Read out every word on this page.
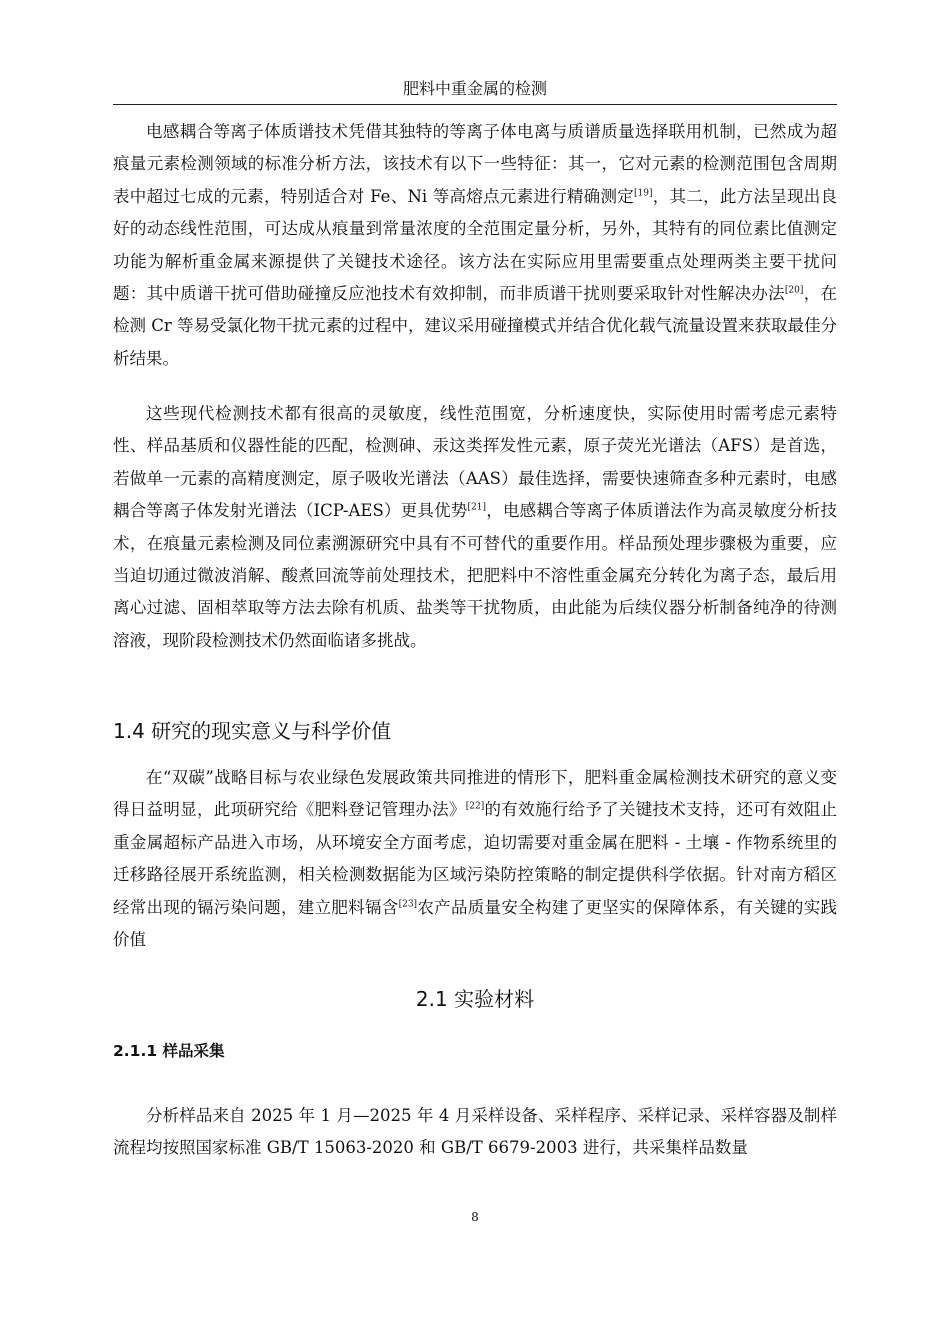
肥料中重金属的检测

电感耦合等离子体质谱技术凭借其独特的等离子体电离与质谱质量选择联用机制，已然成为超痕量元素检测领域的标准分析方法，该技术有以下一些特征：其一，它对元素的检测范围包含周期表中超过七成的元素，特别适合对 Fe、Ni 等高熔点元素进行精确测定[19]，其二，此方法呈现出良好的动态线性范围，可达成从痕量到常量浓度的全范围定量分析，另外，其特有的同位素比值测定功能为解析重金属来源提供了关键技术途径。该方法在实际应用里需要重点处理两类主要干扰问题：其中质谱干扰可借助碰撞反应池技术有效抑制，而非质谱干扰则要采取针对性解决办法[20]，在检测 Cr 等易受氯化物干扰元素的过程中，建议采用碰撞模式并结合优化载气流量设置来获取最佳分析结果。

这些现代检测技术都有很高的灵敏度，线性范围宽，分析速度快，实际使用时需考虑元素特性、样品基质和仪器性能的匹配，检测砷、汞这类挥发性元素，原子荧光光谱法（AFS）是首选，若做单一元素的高精度测定，原子吸收光谱法（AAS）最佳选择，需要快速筛查多种元素时，电感耦合等离子体发射光谱法（ICP-AES）更具优势[21]，电感耦合等离子体质谱法作为高灵敏度分析技术，在痕量元素检测及同位素溯源研究中具有不可替代的重要作用。样品预处理步骤极为重要，应当迫切通过微波消解、酸煮回流等前处理技术，把肥料中不溶性重金属充分转化为离子态，最后用离心过滤、固相萃取等方法去除有机质、盐类等干扰物质，由此能为后续仪器分析制备纯净的待测溶液，现阶段检测技术仍然面临诸多挑战。

1.4 研究的现实意义与科学价值

在“双碳”战略目标与农业绿色发展政策共同推进的情形下，肥料重金属检测技术研究的意义变得日益明显，此项研究给《肥料登记管理办法》[22]的有效施行给予了关键技术支持，还可有效阻止重金属超标产品进入市场，从环境安全方面考虑，迫切需要对重金属在肥料 - 土壤 - 作物系统里的迁移路径展开系统监测，相关检测数据能为区域污染防控策略的制定提供科学依据。针对南方稻区经常出现的镉污染问题，建立肥料镉含[23]农产品质量安全构建了更坚实的保障体系，有关键的实践价值

2.1 实验材料
2.1.1 样品采集

分析样品来自 2025 年 1 月—2025 年 4 月采样设备、采样程序、采样记录、采样容器及制样流程均按照国家标准 GB/T 15063-2020 和 GB/T 6679-2003 进行，共采集样品数量

8
